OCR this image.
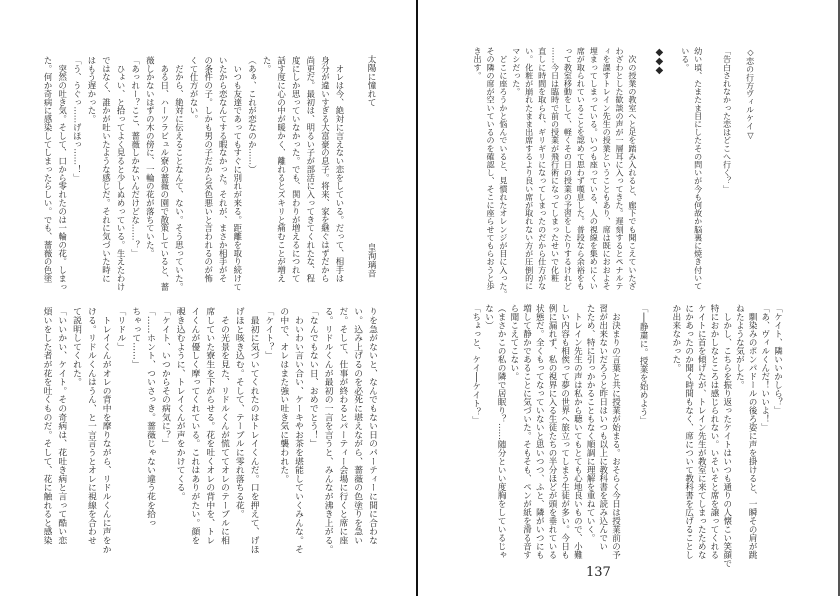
太陽に憧れて
皇洵璃音
　オレは今、絶対に言えない恋をしている。だって、相手は
身分が違いすぎる大富豪の息子。将来、家を継ぐはずだから
尚更だ。最初は、明るい子が部活に入ってきてくれたな、程
度にしか思っていなかった。でも、関わりが増えるにつれて
話す度に心の中が暖かく、離れるとズキリと痛むことが増え
た。
（あぁ、これが恋なのか……）
　いつも友達であってもすぐに別れが来る。距離を取り続けて
いたから恋なんてする暇なかった。それが、まさか相手がそ
の条件の子。しかも男の子だから気色悪いと言われるのが怖
くて仕方がない。
　だから、絶対に伝えることなんて、ない。そう思っていた。
　ある日、ハーツラビュル寮の薔薇の園で散策していると、薔
薇しかないはずの木の傍に、一輪の花が落ちていた。
「あっれー？ここ、薔薇しかないんだけどな……？」
　ひょい、と拾ってよく見ると少しぬめっている。生えたわけ
ではなく、誰かが吐いたような感じだ。それに気づいた時に
はもう遅かった。
「う、うぐっ……げほっ……！」
　突然の吐き気。そして、口から零れたのは一輪の花。しまっ
た。何か奇病に感染してしまったらしい。でも、薔薇の色塗
りを急がないと、なんでもない日のパーティーに間に合わな
い。込み上げるのを必死に堪えながら、薔薇の色塗りを急い
だ。そして、仕事が終わるとパーティー会場に行くと席に座
る。リドルくんが最初の一言を言うと、みんなが沸き上がる。
「なんでもない日、おめでとう！」
　わいわい言い合い、ケーキやお茶を堪能していくみんな。そ
の中で、オレはまた強い吐き気に襲われた。
「ケイト？」
　最初に気づいてくれたのはトレイくんだ。口を押えて、げほ
げほと咳き込む。そして、テーブルに零れ落ちる花。
　その光景を見た、リドルくんが慌ててオレのテーブルに相
席していた寮生を下がらせる。花を吐くオレの背中を、トレ
イくんが優しく摩ってくれている。これはありがたい。顔を
覗き込むように、トレイくんが声をかけてくる。
「ケイト、いつからその病気に？」
「……ホント、ついさっき。薔薇じゃない違う花を拾っ
ちゃって……」
「リドル」
　トレイくんがオレの背中を摩りながら、リドルくんに声をか
ける。リドルくんはうん、と一言言うとオレに視線を合わせ
て説明してくれた。
「いいかい、ケイト。その奇病は、花吐き病と言って酷い恋
煩いをした者が花を吐くものだ。そして、花に触れると感染
◇恋の行方ヴィルケイ▽
「告白されなかった恋はどこへ行く？」
幼い頃、たまたま目にしたその問いが今も何故か脳裏に焼き付いて
いる。
◆◆◆
　次の授業の教室へと足を踏み入れると、廊下でも聞こえていたざ
わざわとした歓談の声が一層耳に入ってきた。遅刻するとペナルテ
ィを課すトレイン先生の授業ということもあり、席は既におおよそ
埋まってしまっている。いつも座っている、人の視線を集めにくい
席が取られていることを認めて思わず嘆息した。普段なら余裕をも
って教室移動をして、軽くその日の授業の予習をしたりするけれど
……今日は臨時で前の授業が飛行術になってしまったせいで化粧
直しに時間を取られ、ギリギリになってしまったのだから仕方がな
い。化粧が崩れたまま出席するより良い席が取れない方が圧倒的に
マシだった。
　どこに座ろうかと悩んでいると、見慣れたオレンジが目に入った。
その隣の席が空いているのを確認し、そこに座らせてもらおうと歩
き出す。
「ケイト、隣いいかしら？」
「あ、ヴィルくんだ！いいよ！」
　馴染みのポンパドールの後ろ姿に声を掛けると、一瞬その肩が跳
ねたような気がした。
　しかし、こちらを振り返ったケイトはいつも通りの人懐こい笑顔で
特におかしなところは感じられない。いそいそと席を譲ってくれる
ケイトに首を傾げたが、トレイン先生が教室に来てしまったためな
にかあったのか聞く時間もなく、席について教科書を広げることし
か出来なかった。
「──静粛に。授業を始めよう」
　お決まりの言葉と共に授業が始まる。おそらく今日は授業前の予
習が出来ないだろうと昨日はいつも以上に教科書を読み込んでい
たため、特に引っかかることもなく順調に理解を重ねていく。
　トレイン先生の声は私から聴いてもとても心地良いもので、小難
しい内容も相俟って夢の世界へ旅立ってしまう生徒が多い。今日も
例に漏れず、私の視界に入る生徒たちの半分ほどが頭を垂れている
状態だ。全くもってなっていないと思いつつ、ふと、隣がいつにも
増して静かであることに気づいた。そもそも、ペンが紙を滑る音す
ら聞こえてこない。
（まさかこの私の隣で居眠り？……随分といい度胸をしているじゃ
ない）
「ちょっと、ケイ──ケイト？」
137
